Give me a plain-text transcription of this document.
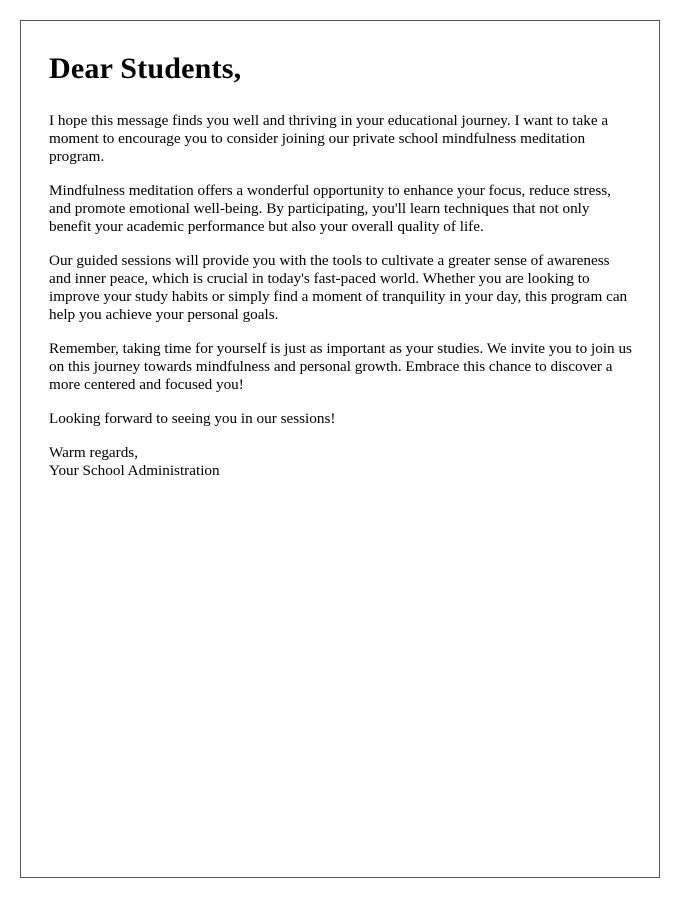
Dear Students,

I hope this message finds you well and thriving in your educational journey. I want to take a moment to encourage you to consider joining our private school mindfulness meditation program.

Mindfulness meditation offers a wonderful opportunity to enhance your focus, reduce stress, and promote emotional well-being. By participating, you'll learn techniques that not only benefit your academic performance but also your overall quality of life.

Our guided sessions will provide you with the tools to cultivate a greater sense of awareness and inner peace, which is crucial in today's fast-paced world. Whether you are looking to improve your study habits or simply find a moment of tranquility in your day, this program can help you achieve your personal goals.

Remember, taking time for yourself is just as important as your studies. We invite you to join us on this journey towards mindfulness and personal growth. Embrace this chance to discover a more centered and focused you!

Looking forward to seeing you in our sessions!

Warm regards,
Your School Administration
